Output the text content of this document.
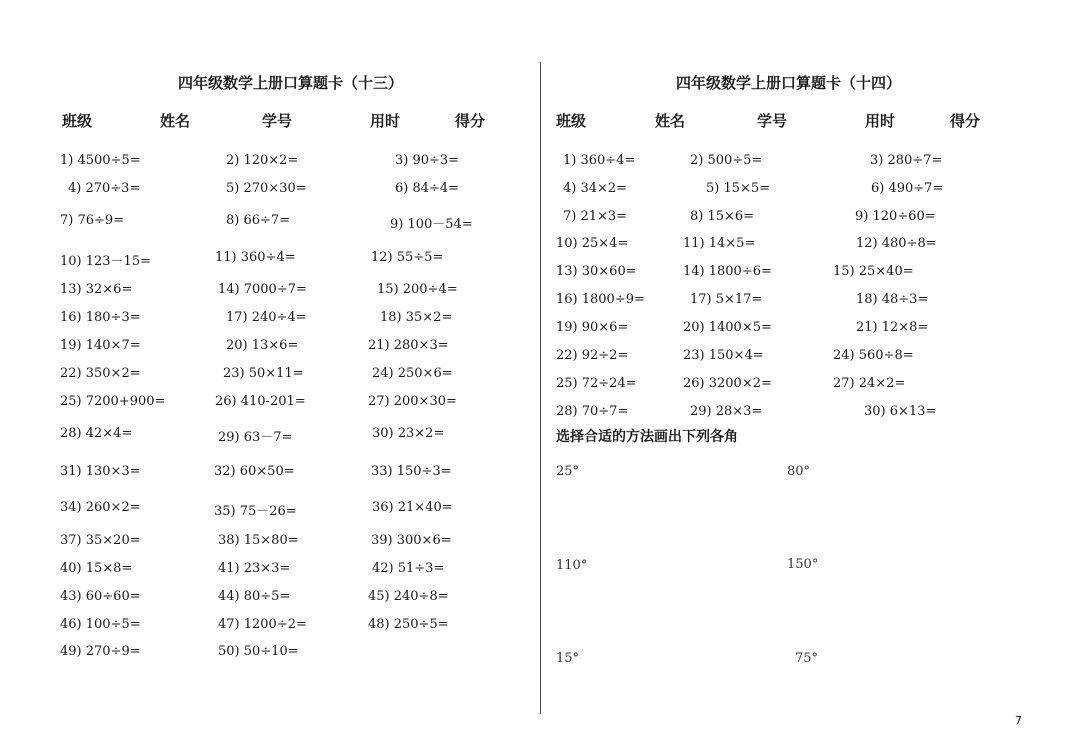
四年级数学上册口算题卡（十三）
班级	姓名	学号	用时	得分
1) 4500÷5=	2) 120×2=	3) 90÷3=
4) 270÷3=	5) 270×30=	6) 84÷4=
7) 76÷9=	8) 66÷7=	9) 100－54=
10) 123－15=	11) 360÷4=	12) 55÷5=
13) 32×6=	14) 7000÷7=	15) 200÷4=
16) 180÷3=	17) 240÷4=	18) 35×2=
19) 140×7=	20) 13×6=	21) 280×3=
22) 350×2=	23) 50×11=	24) 250×6=
25) 7200+900=	26) 410-201=	27) 200×30=
28) 42×4=	29) 63－7=	30) 23×2=
31) 130×3=	32) 60×50=	33) 150÷3=
34) 260×2=	35) 75－26=	36) 21×40=
37) 35×20=	38) 15×80=	39) 300×6=
40) 15×8=	41) 23×3=	42) 51÷3=
43) 60÷60=	44) 80÷5=	45) 240÷8=
46) 100÷5=	47) 1200÷2=	48) 250÷5=
49) 270÷9=	50) 50÷10=
四年级数学上册口算题卡（十四）
班级	姓名	学号	用时	得分
1) 360÷4=	2) 500÷5=	3) 280÷7=
4) 34×2=	5) 15×5=	6) 490÷7=
7) 21×3=	8) 15×6=	9) 120÷60=
10) 25×4=	11) 14×5=	12) 480÷8=
13) 30×60=	14) 1800÷6=	15) 25×40=
16) 1800÷9=	17) 5×17=	18) 48÷3=
19) 90×6=	20) 1400×5=	21) 12×8=
22) 92÷2=	23) 150×4=	24) 560÷8=
25) 72÷24=	26) 3200×2=	27) 24×2=
28) 70÷7=	29) 28×3=	30) 6×13=
选择合适的方法画出下列各角
25°	80°
110°	150°
15°	75°
7
